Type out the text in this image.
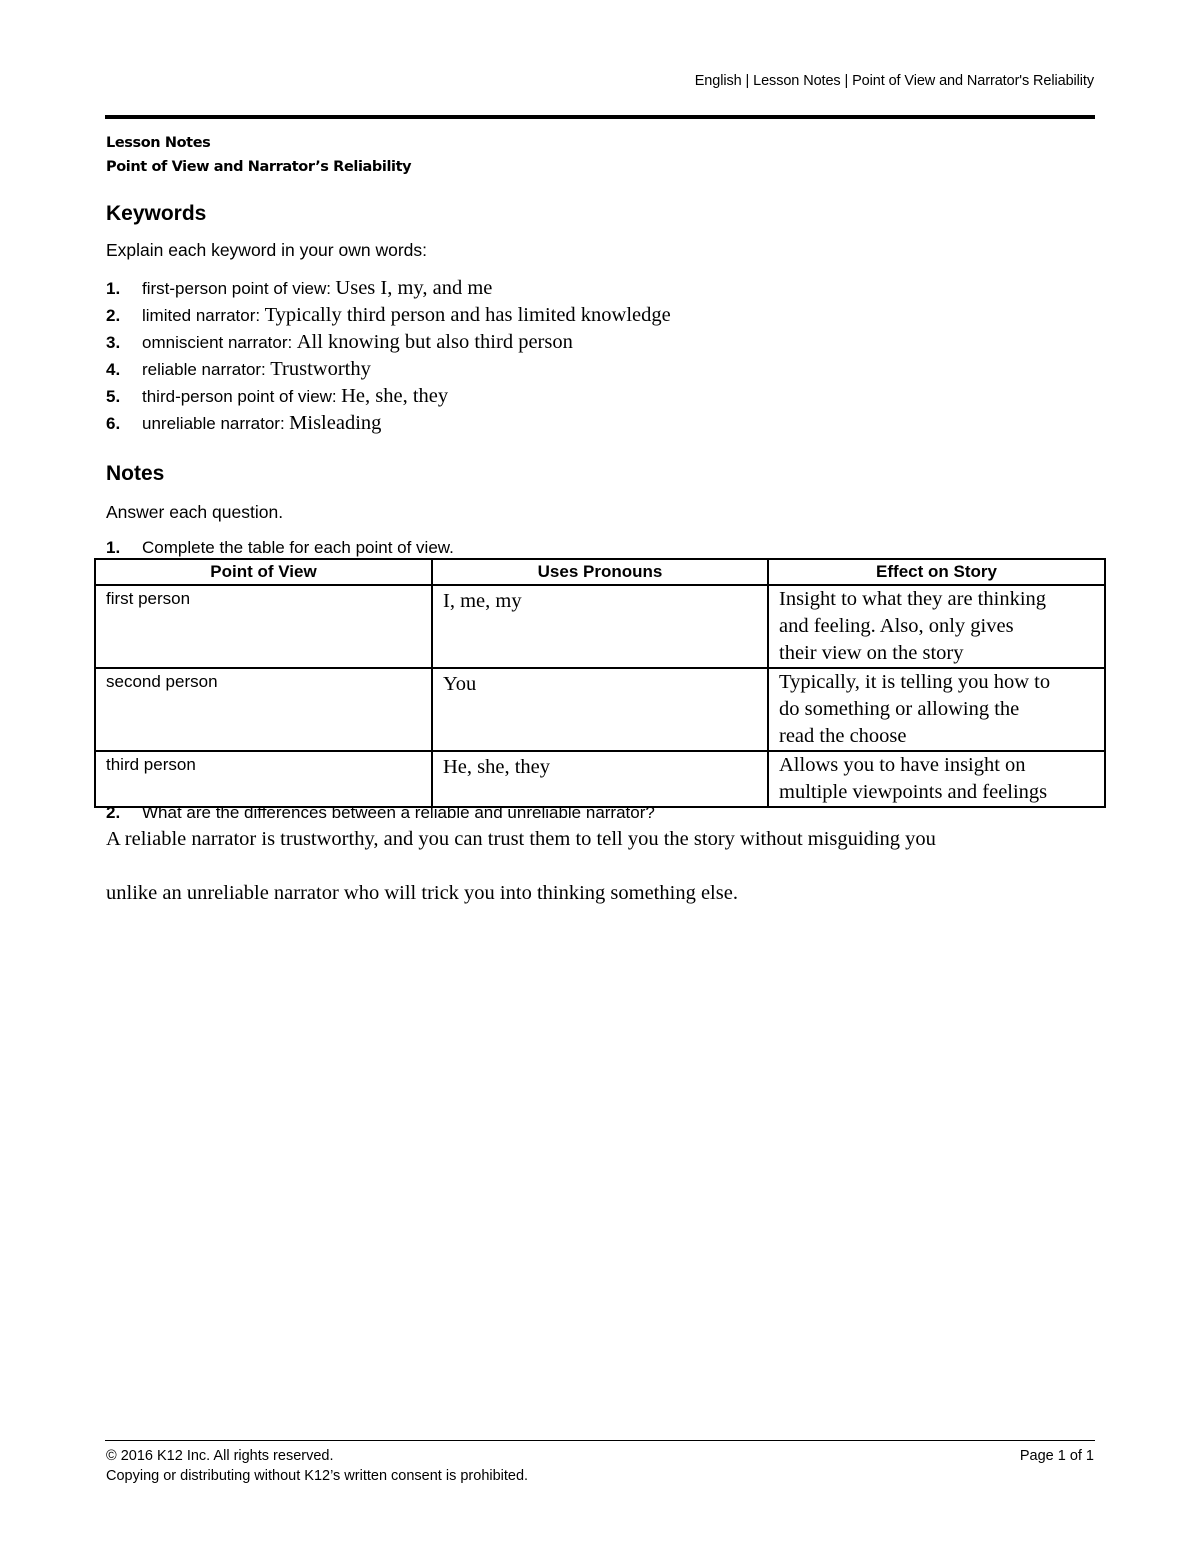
English | Lesson Notes | Point of View and Narrator's Reliability
Lesson Notes
Point of View and Narrator’s Reliability
Keywords
Explain each keyword in your own words:
1.	first-person point of view:
Uses I, my, and me
2.	limited narrator:
Typically third person and has limited knowledge
3.	omniscient narrator:
All knowing but also third person
4.	reliable narrator:
Trustworthy
5.	third-person point of view:
He, she, they
6.	unreliable narrator:
Misleading
Notes
Answer each question.
1.	Complete the table for each point of view.
Point of View	Uses Pronouns	Effect on Story

first person	I, me, my	Insight to what they are thinking
and feeling. Also, only gives
their view on the story

second person	You	Typically, it is telling you how to
do something or allowing the
read the choose

third person	He, she, they	Allows you to have insight on
multiple viewpoints and feelings
2.	What are the differences between a reliable and unreliable narrator?
A reliable narrator is trustworthy, and you can trust them to tell you the story without misguiding you
unlike an unreliable narrator who will trick you into thinking something else.
© 2016 K12 Inc. All rights reserved.
Copying or distributing without K12’s written consent is prohibited.
Page 1 of 1
